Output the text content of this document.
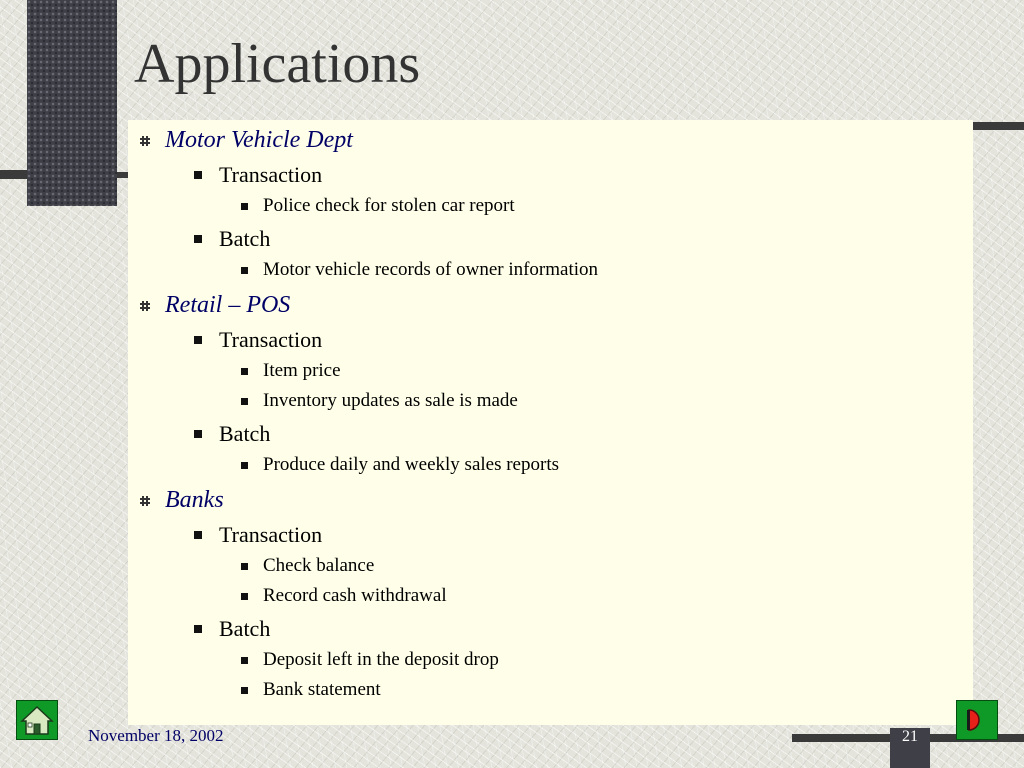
Applications
Motor Vehicle Dept
Transaction
Police check for stolen car report
Batch
Motor vehicle records of owner information
Retail – POS
Transaction
Item price
Inventory updates as sale is made
Batch
Produce daily and weekly sales reports
Banks
Transaction
Check balance
Record cash withdrawal
Batch
Deposit left in the deposit drop
Bank statement
November 18, 2002	21
